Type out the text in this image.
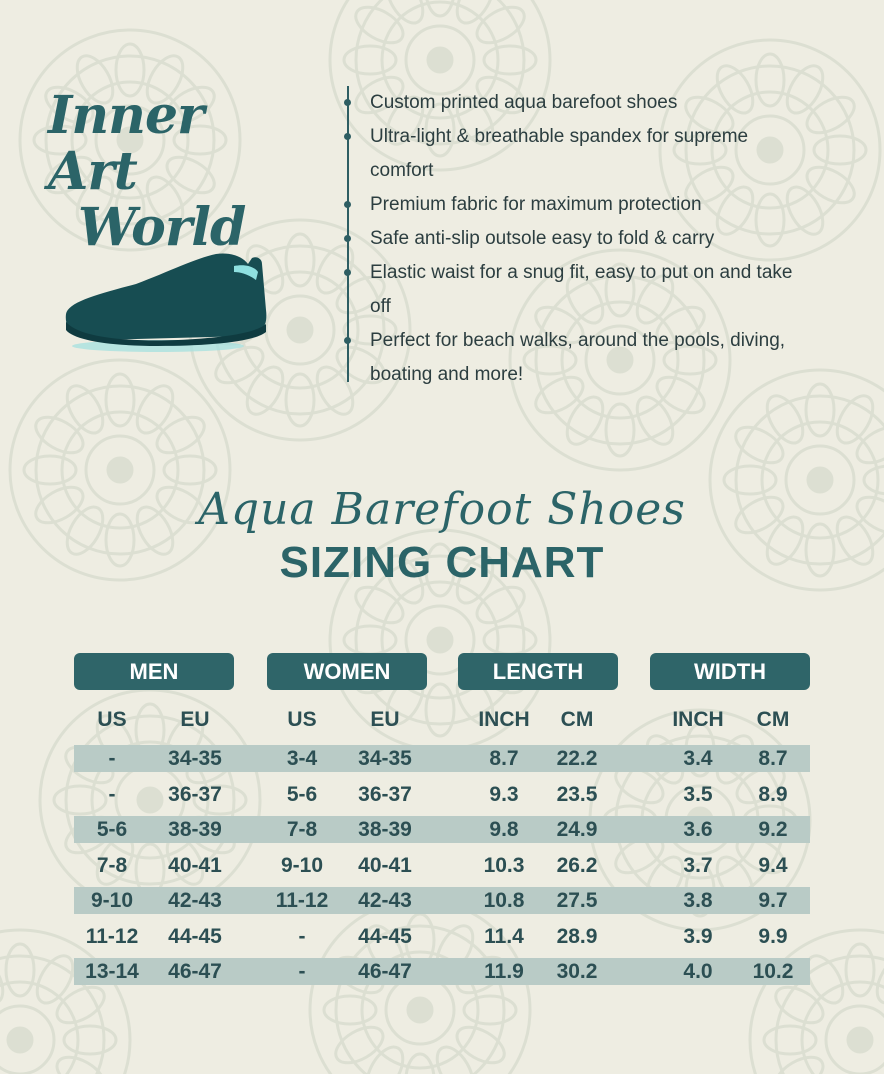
Inner Art
World
Custom printed aqua barefoot shoes
Ultra-light & breathable spandex for supreme comfort
Premium fabric for maximum protection
Safe anti-slip outsole easy to fold & carry
Elastic waist for a snug fit, easy to put on and take off
Perfect for beach walks, around the pools, diving, boating and more!
Aqua Barefoot Shoes
SIZING CHART
MEN	WOMEN	LENGTH	WIDTH
US	EU	US	EU	INCH	CM	INCH	CM
-	34-35	3-4	34-35	8.7	22.2	3.4	8.7
-	36-37	5-6	36-37	9.3	23.5	3.5	8.9
5-6	38-39	7-8	38-39	9.8	24.9	3.6	9.2
7-8	40-41	9-10	40-41	10.3	26.2	3.7	9.4
9-10	42-43	11-12	42-43	10.8	27.5	3.8	9.7
11-12	44-45	-	44-45	11.4	28.9	3.9	9.9
13-14	46-47	-	46-47	11.9	30.2	4.0	10.2
